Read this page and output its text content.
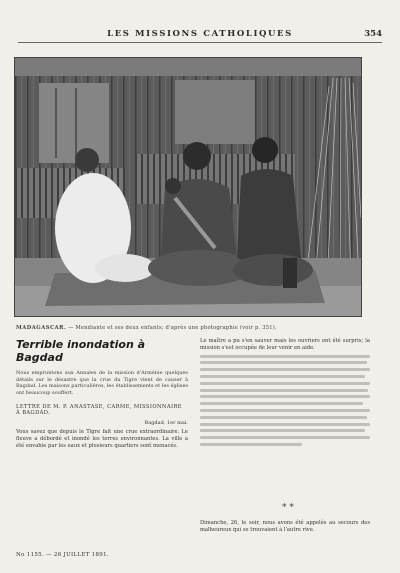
LES MISSIONS CATHOLIQUES	354
MADAGASCAR. — Mendiante et ses deux enfants; d'après une photographie (voir p. 351).
Terrible inondation à Bagdad

Nous empruntons aux Annales de la mission d'Arménie quelques détails sur le désastre que la crue du Tigre vient de causer à Bagdad. Les maisons particulières, les établissements et les églises ont beaucoup souffert.

LETTRE DE M. P. ANASTASE, CARME, MISSIONNAIRE À BAGDAD.

Bagdad, 1er mai.

Vous savez que depuis le Tigre fait une crue extraordinaire. Le fleuve a débordé et inondé les terres environnantes. La ville a été envahie par les eaux et plusieurs quartiers sont menacés.

Le maître a pu s'en sauver mais les ouvriers ont été surpris; la mission s'est occupée de leur venir en aide.

* *

Dimanche, 26, le soir, nous avons été appelés au secours des malheureux qui se trouvaient à l'autre rive.

No 1155. — 26 JUILLET 1891.
